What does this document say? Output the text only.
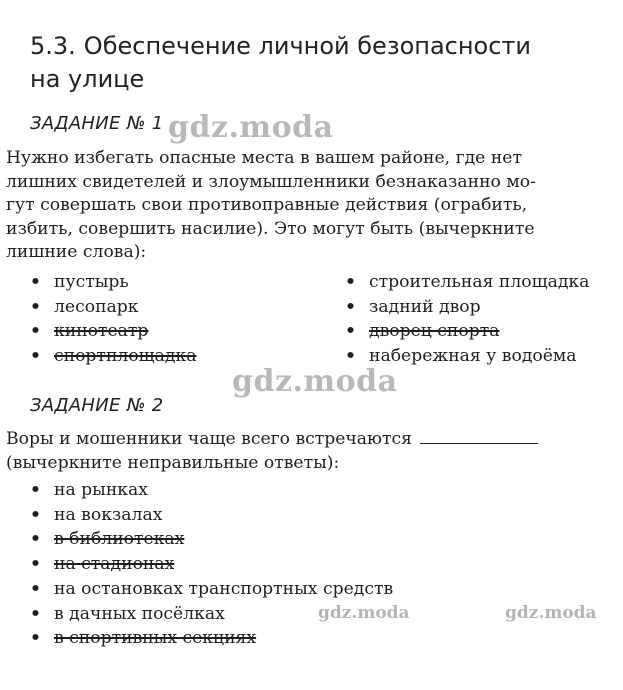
5.3. Обеспечение личной безопасности
на улице
ЗАДАНИЕ № 1
Нужно избегать опасные места в вашем районе, где нет
лишних свидетелей и злоумышленники безнаказанно мо-
гут совершать свои противоправные действия (ограбить,
избить, совершить насилие). Это могут быть (вычеркните
лишние слова):
• пустырь
• лесопарк
• кинотеатр
• спортплощадка
• строительная площадка
• задний двор
• дворец спорта
• набережная у водоёма
ЗАДАНИЕ № 2
Воры и мошенники чаще всего встречаются
(вычеркните неправильные ответы):
• на рынках
• на вокзалах
• в библиотеках
• на стадионах
• на остановках транспортных средств
• в дачных посёлках
• в спортивных секциях
gdz.moda
gdz.moda
gdz.moda	gdz.moda
